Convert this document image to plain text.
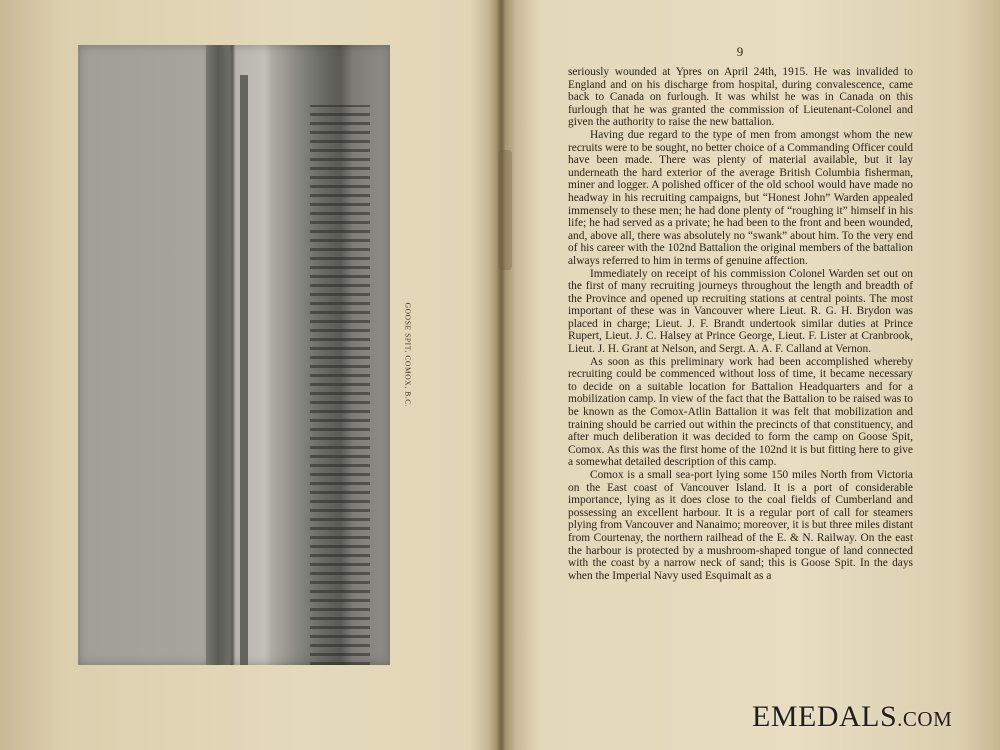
GOOSE SPIT, COMOX, B.C.
9

seriously wounded at Ypres on April 24th, 1915. He was invalided to England and on his discharge from hospital, during convalescence, came back to Canada on furlough. It was whilst he was in Canada on this furlough that he was granted the commission of Lieutenant-Colonel and given the authority to raise the new battalion.

Having due regard to the type of men from amongst whom the new recruits were to be sought, no better choice of a Commanding Officer could have been made. There was plenty of material available, but it lay underneath the hard exterior of the average British Columbia fisherman, miner and logger. A polished officer of the old school would have made no headway in his recruiting campaigns, but “Honest John” Warden appealed immensely to these men; he had done plenty of “roughing it” himself in his life; he had served as a private; he had been to the front and been wounded, and, above all, there was absolutely no “swank” about him. To the very end of his career with the 102nd Battalion the original members of the battalion always referred to him in terms of genuine affection.

Immediately on receipt of his commission Colonel Warden set out on the first of many recruiting journeys throughout the length and breadth of the Province and opened up recruiting stations at central points. The most important of these was in Vancouver where Lieut. R. G. H. Brydon was placed in charge; Lieut. J. F. Brandt undertook similar duties at Prince Rupert, Lieut. J. C. Halsey at Prince George, Lieut. F. Lister at Cranbrook, Lieut. J. H. Grant at Nelson, and Sergt. A. A. F. Calland at Vernon.

As soon as this preliminary work had been accomplished whereby recruiting could be commenced without loss of time, it became necessary to decide on a suitable location for Battalion Headquarters and for a mobilization camp. In view of the fact that the Battalion to be raised was to be known as the Comox-Atlin Battalion it was felt that mobilization and training should be carried out within the precincts of that constituency, and after much deliberation it was decided to form the camp on Goose Spit, Comox. As this was the first home of the 102nd it is but fitting here to give a somewhat detailed description of this camp.

Comox is a small sea-port lying some 150 miles North from Victoria on the East coast of Vancouver Island. It is a port of considerable importance, lying as it does close to the coal fields of Cumberland and possessing an excellent harbour. It is a regular port of call for steamers plying from Vancouver and Nanaimo; moreover, it is but three miles distant from Courtenay, the northern railhead of the E. & N. Railway. On the east the harbour is protected by a mushroom-shaped tongue of land connected with the coast by a narrow neck of sand; this is Goose Spit. In the days when the Imperial Navy used Esquimalt as a

EMEDALS.COM
